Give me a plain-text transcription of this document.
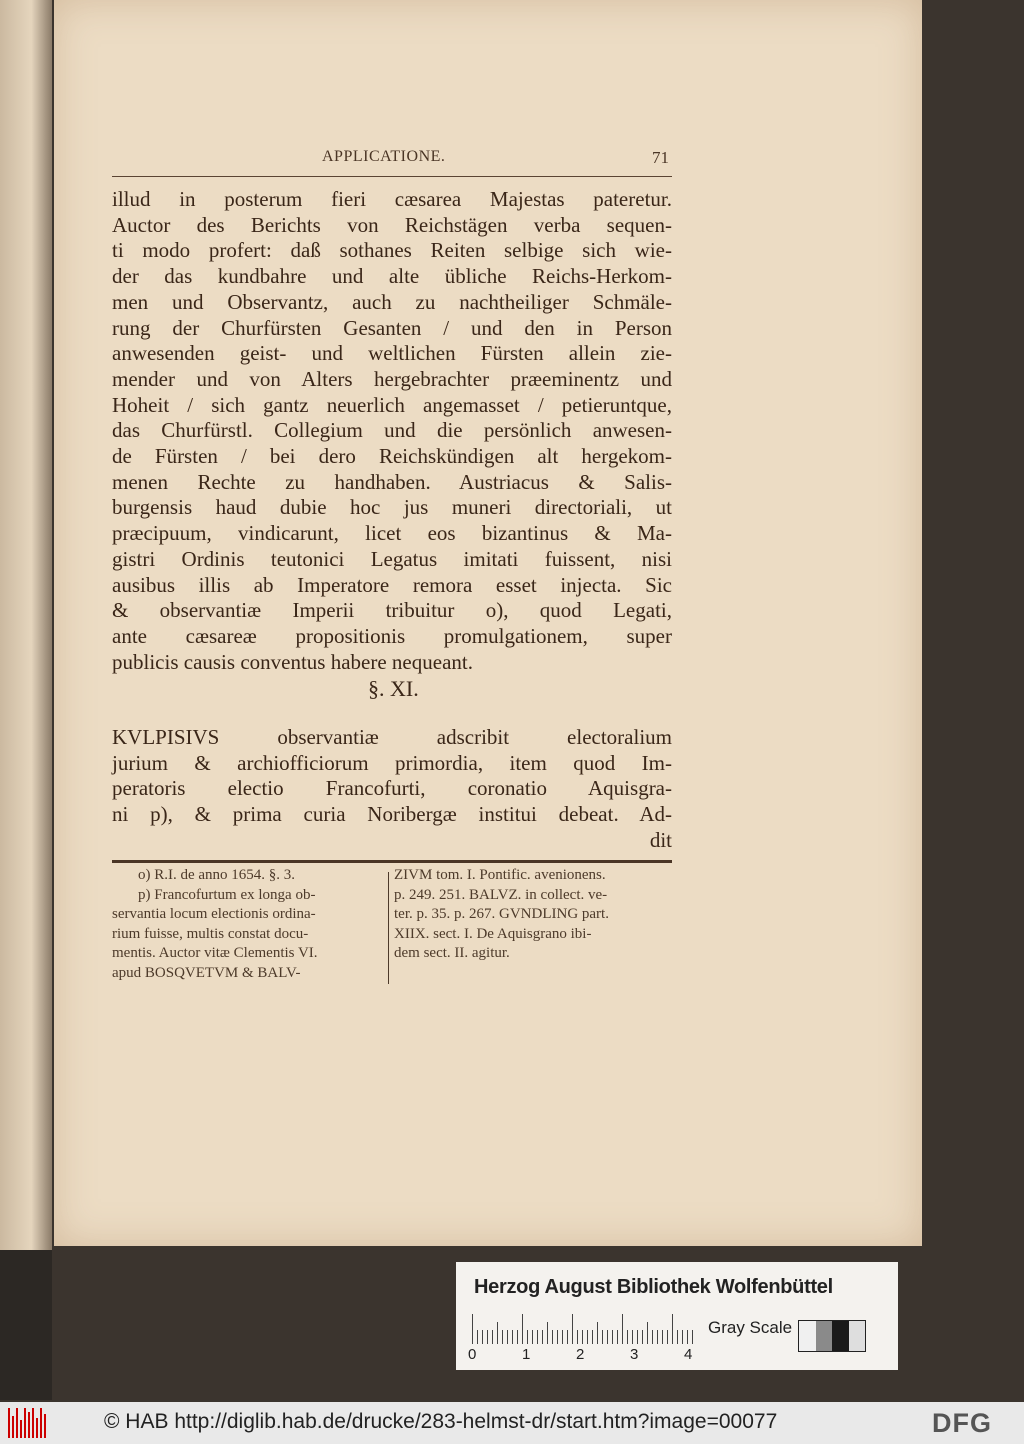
APPLICATIONE.	71
illud in posterum fieri cæsarea Majestas pateretur.
Auctor des Berichts von Reichstägen verba sequen-
ti modo profert: daß sothanes Reiten selbige sich wie-
der das kundbahre und alte übliche Reichs-Herkom-
men und Observantz, auch zu nachtheiliger Schmäle-
rung der Churfürsten Gesanten / und den in Person
anwesenden geist- und weltlichen Fürsten allein zie-
mender und von Alters hergebrachter præeminentz und
Hoheit / sich gantz neuerlich angemasset / petieruntque,
das Churfürstl. Collegium und die persönlich anwesen-
de Fürsten / bei dero Reichskündigen alt hergekom-
menen Rechte zu handhaben. Austriacus & Salis-
burgensis haud dubie hoc jus muneri directoriali, ut
præcipuum, vindicarunt, licet eos bizantinus & Ma-
gistri Ordinis teutonici Legatus imitati fuissent, nisi
ausibus illis ab Imperatore remora esset injecta. Sic
& observantiæ Imperii tribuitur o), quod Legati,
ante cæsareæ propositionis promulgationem, super
publicis causis conventus habere nequeant.
KVLPISIVS observantiæ adscribit electoralium
jurium & archiofficiorum primordia, item quod Im-
peratoris electio Francofurti, coronatio Aquisgra-
ni p), & prima curia Noribergæ institui debeat. Ad-
dit
§. XI.
o) R.I. de anno 1654. §. 3.
p) Francofurtum ex longa ob-
servantia locum electionis ordina-
rium fuisse, multis constat docu-
mentis. Auctor vitæ Clementis VI.
apud BOSQVETVM & BALV-
ZIVM tom. I. Pontific. avenionens.
p. 249. 251. BALVZ. in collect. ve-
ter. p. 35. p. 267. GVNDLING part.
XIIX. sect. I. De Aquisgrano ibi-
dem sect. II. agitur.
Herzog August Bibliothek Wolfenbüttel
0	1	2	3	4
Gray Scale
© HAB http://diglib.hab.de/drucke/283-helmst-dr/start.htm?image=00077	DFG
